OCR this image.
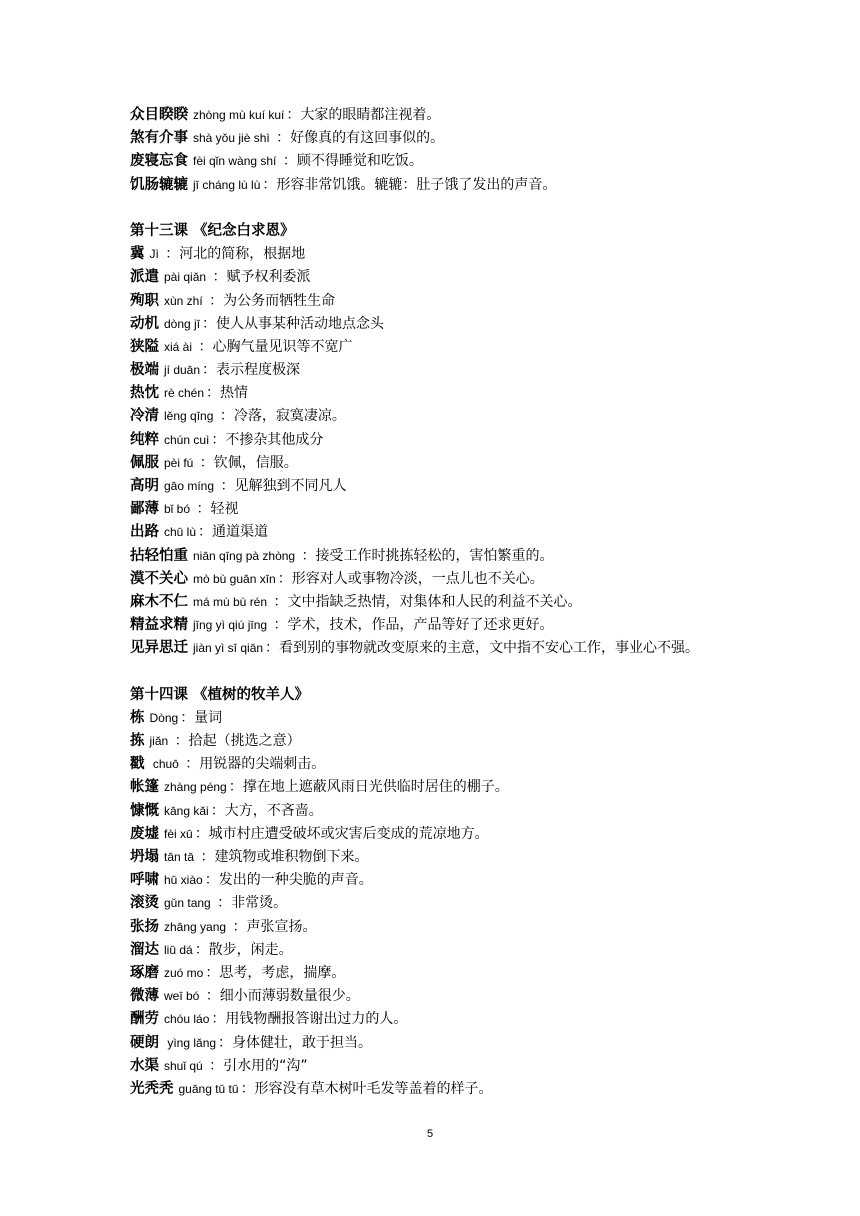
众目睽睽 zhòng mù kuí kuí ：大家的眼睛都注视着。
煞有介事 shà yǒu jiè shì ：好像真的有这回事似的。
废寝忘食 fèi qǐn wàng shí ：顾不得睡觉和吃饭。
饥肠辘辘 jī cháng lù lù ：形容非常饥饿。辘辘：肚子饿了发出的声音。
第十三课 《纪念白求恩》
冀 Jì ：河北的简称，根据地
派遣 pài qiǎn ：赋予权利委派
殉职 xùn zhí ：为公务而牺牲生命
动机 dòng jī ：使人从事某种活动地点念头
狭隘 xiá ài ：心胸气量见识等不宽广
极端 jí duān ：表示程度极深
热忱 rè chén ：热情
冷清 lěng qīng ：冷落，寂寞凄凉。
纯粹 chún cuì ：不掺杂其他成分
佩服 pèi fú ：钦佩，信服。
高明 gāo míng ：见解独到不同凡人
鄙薄 bǐ bó ：轻视
出路 chū lù ：通道渠道
拈轻怕重 niān qīng pà zhòng ：接受工作时挑拣轻松的，害怕繁重的。
漠不关心 mò bù guān xīn ：形容对人或事物冷淡，一点儿也不关心。
麻木不仁 má mù bù rén ：文中指缺乏热情，对集体和人民的利益不关心。
精益求精 jīng yì qiú jīng ：学术，技术，作品，产品等好了还求更好。
见异思迁 jiàn yì sī qiān ：看到别的事物就改变原来的主意，文中指不安心工作，事业心不强。
第十四课 《植树的牧羊人》
栋 Dòng ：量词
拣 jiǎn ：拾起（挑选之意）
戳 chuō ：用锐器的尖端刺击。
帐篷 zhàng péng ：撑在地上遮蔽风雨日光供临时居住的棚子。
慷慨 kāng kǎi ：大方，不吝啬。
废墟 fèi xū ：城市村庄遭受破坏或灾害后变成的荒凉地方。
坍塌 tān tā ：建筑物或堆积物倒下来。
呼啸 hū xiào ：发出的一种尖脆的声音。
滚烫 gǔn tang ：非常烫。
张扬 zhāng yang ：声张宣扬。
溜达 liū dá ：散步，闲走。
琢磨 zuó mo ：思考，考虑，揣摩。
微薄 weī bó ：细小而薄弱数量很少。
酬劳 chóu láo ：用钱物酬报答谢出过力的人。
硬朗 yìng lǎng ：身体健壮，敢于担当。
水渠 shuǐ qú ：引水用的“沟”
光秃秃 guāng tū tū ：形容没有草木树叶毛发等盖着的样子。
5
